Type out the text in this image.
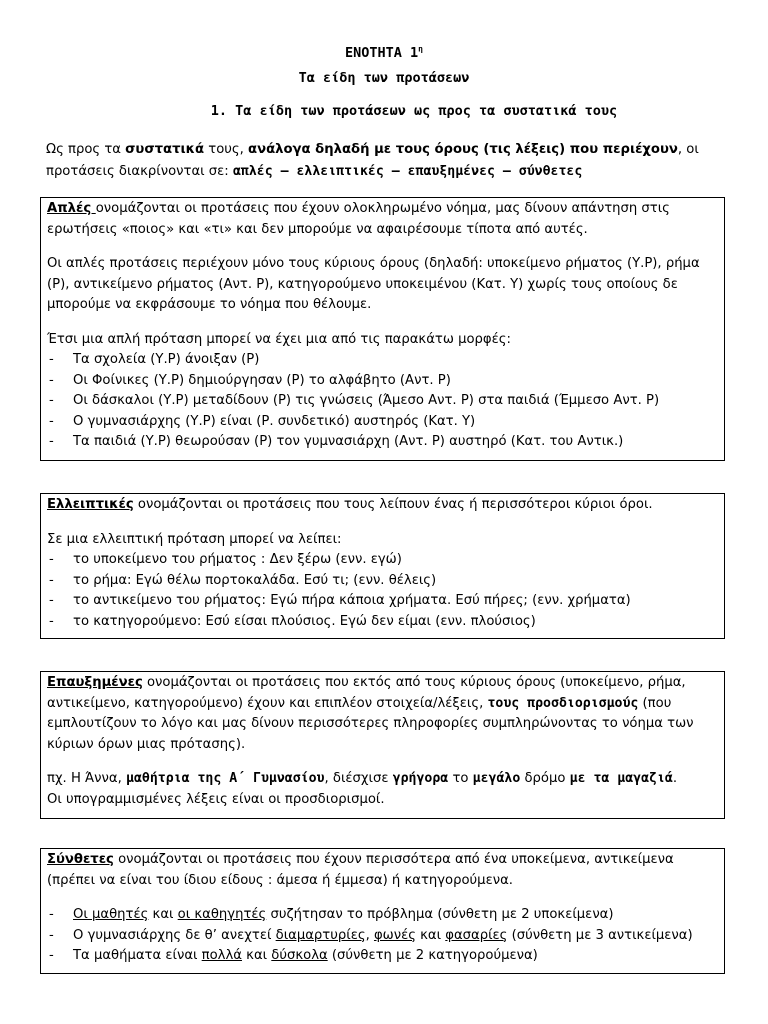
ΕΝΟΤΗΤΑ $1^\eta$
Τα είδη των προτάσεων
1. Τα είδη των προτάσεων ως προς τα συστατικά τους
Ως προς τα συστατικά τους, ανάλογα δηλαδή με τους όρους (τις λέξεις) που περιέχουν, οι
προτάσεις διακρίνονται σε: απλές – ελλειπτικές – επαυξημένες – σύνθετες

Απλές ονομάζονται οι προτάσεις που έχουν ολοκληρωμένο νόημα, μας δίνουν απάντηση στις ερωτήσεις «ποιος» και «τι» και δεν μπορούμε να αφαιρέσουμε τίποτα από αυτές.

Οι απλές προτάσεις περιέχουν μόνο τους κύριους όρους (δηλαδή: υποκείμενο ρήματος (Υ.Ρ), ρήμα (Ρ), αντικείμενο ρήματος (Αντ. Ρ), κατηγορούμενο υποκειμένου (Κατ. Υ) χωρίς τους οποίους δε μπορούμε να εκφράσουμε το νόημα που θέλουμε.

Έτσι μια απλή πρόταση μπορεί να έχει μια από τις παρακάτω μορφές:

- Τα σχολεία (Υ.Ρ) άνοιξαν (Ρ)
- Οι Φοίνικες (Υ.Ρ) δημιούργησαν (Ρ) το αλφάβητο (Αντ. Ρ)
- Οι δάσκαλοι (Υ.Ρ) μεταδίδουν (Ρ) τις γνώσεις (Άμεσο Αντ. Ρ) στα παιδιά (Έμμεσο Αντ. Ρ)
- Ο γυμνασιάρχης (Υ.Ρ) είναι (Ρ. συνδετικό) αυστηρός (Κατ. Υ)
- Τα παιδιά (Υ.Ρ) θεωρούσαν (Ρ) τον γυμνασιάρχη (Αντ. Ρ) αυστηρό (Κατ. του Αντικ.)

Ελλειπτικές ονομάζονται οι προτάσεις που τους λείπουν ένας ή περισσότεροι κύριοι όροι.

Σε μια ελλειπτική πρόταση μπορεί να λείπει:

- το υποκείμενο του ρήματος : Δεν ξέρω (ενν. εγώ)
- το ρήμα: Εγώ θέλω πορτοκαλάδα. Εσύ τι; (ενν. θέλεις)
- το αντικείμενο του ρήματος: Εγώ πήρα κάποια χρήματα. Εσύ πήρες; (ενν. χρήματα)
- το κατηγορούμενο: Εσύ είσαι πλούσιος. Εγώ δεν είμαι (ενν. πλούσιος)

Επαυξημένες ονομάζονται οι προτάσεις που εκτός από τους κύριους όρους (υποκείμενο, ρήμα, αντικείμενο, κατηγορούμενο) έχουν και επιπλέον στοιχεία/λέξεις, τους προσδιορισμούς (που εμπλουτίζουν το λόγο και μας δίνουν περισσότερες πληροφορίες συμπληρώνοντας το νόημα των κύριων όρων μιας πρότασης).

πχ. Η Άννα, μαθήτρια της Α΄ Γυμνασίου, διέσχισε γρήγορα το μεγάλο δρόμο με τα μαγαζιά.

Οι υπογραμμισμένες λέξεις είναι οι προσδιορισμοί.

Σύνθετες ονομάζονται οι προτάσεις που έχουν περισσότερα από ένα υποκείμενα, αντικείμενα (πρέπει να είναι του ίδιου είδους : άμεσα ή έμμεσα) ή κατηγορούμενα.

- Οι μαθητές και οι καθηγητές συζήτησαν το πρόβλημα (σύνθετη με 2 υποκείμενα)
- Ο γυμνασιάρχης δε θ’ ανεχτεί διαμαρτυρίες, φωνές και φασαρίες (σύνθετη με 3 αντικείμενα)
- Τα μαθήματα είναι πολλά και δύσκολα (σύνθετη με 2 κατηγορούμενα)
